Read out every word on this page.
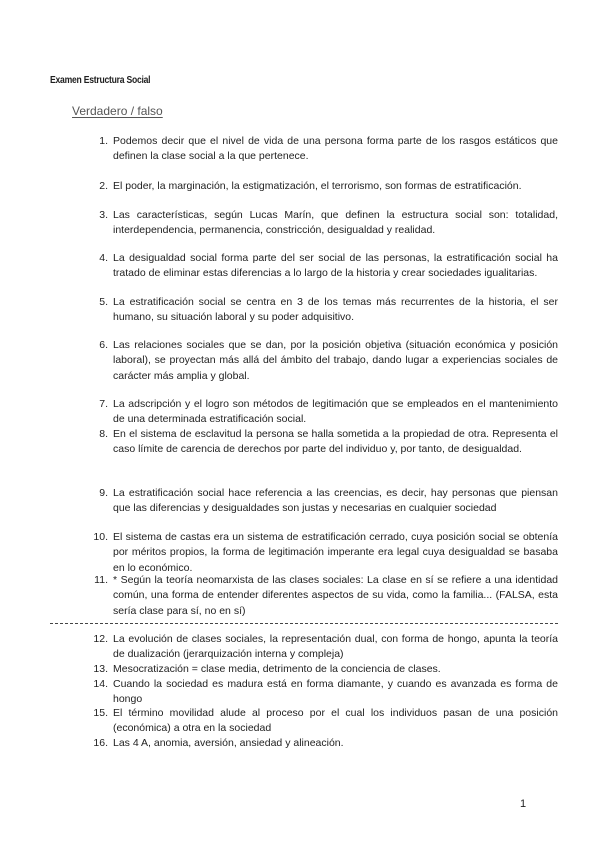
Examen Estructura Social
Verdadero / falso
1. Podemos decir que el nivel de vida de una persona forma parte de los rasgos estáticos que definen la clase social a la que pertenece.
2. El poder, la marginación, la estigmatización, el terrorismo, son formas de estratificación.
3. Las características, según Lucas Marín, que definen la estructura social son: totalidad, interdependencia, permanencia, constricción, desigualdad y realidad.
4. La desigualdad social forma parte del ser social de las personas, la estratificación social ha tratado de eliminar estas diferencias a lo largo de la historia y crear sociedades igualitarias.
5. La estratificación social se centra en 3 de los temas más recurrentes de la historia, el ser humano, su situación laboral y su poder adquisitivo.
6. Las relaciones sociales que se dan, por la posición objetiva (situación económica y posición laboral), se proyectan más allá del ámbito del trabajo, dando lugar a experiencias sociales de carácter más amplia y global.
7. La adscripción y el logro son métodos de legitimación que se empleados en el mantenimiento de una determinada estratificación social.
8. En el sistema de esclavitud la persona se halla sometida a la propiedad de otra. Representa el caso límite de carencia de derechos por parte del individuo y, por tanto, de desigualdad.
9. La estratificación social hace referencia a las creencias, es decir, hay personas que piensan que las diferencias y desigualdades son justas y necesarias en cualquier sociedad
10. El sistema de castas era un sistema de estratificación cerrado, cuya posición social se obtenía por méritos propios, la forma de legitimación imperante era legal cuya desigualdad se basaba en lo económico.
11. * Según la teoría neomarxista de las clases sociales: La clase en sí se refiere a una identidad común, una forma de entender diferentes aspectos de su vida, como la familia... (FALSA, esta sería clase para sí, no en sí)
12. La evolución de clases sociales, la representación dual, con forma de hongo, apunta la teoría de dualización (jerarquización interna y compleja)
13. Mesocratización = clase media, detrimento de la conciencia de clases.
14. Cuando la sociedad es madura está en forma diamante, y cuando es avanzada es forma de hongo
15. El término movilidad alude al proceso por el cual los individuos pasan de una posición (económica) a otra en la sociedad
16. Las 4 A, anomia, aversión, ansiedad y alineación.
1
